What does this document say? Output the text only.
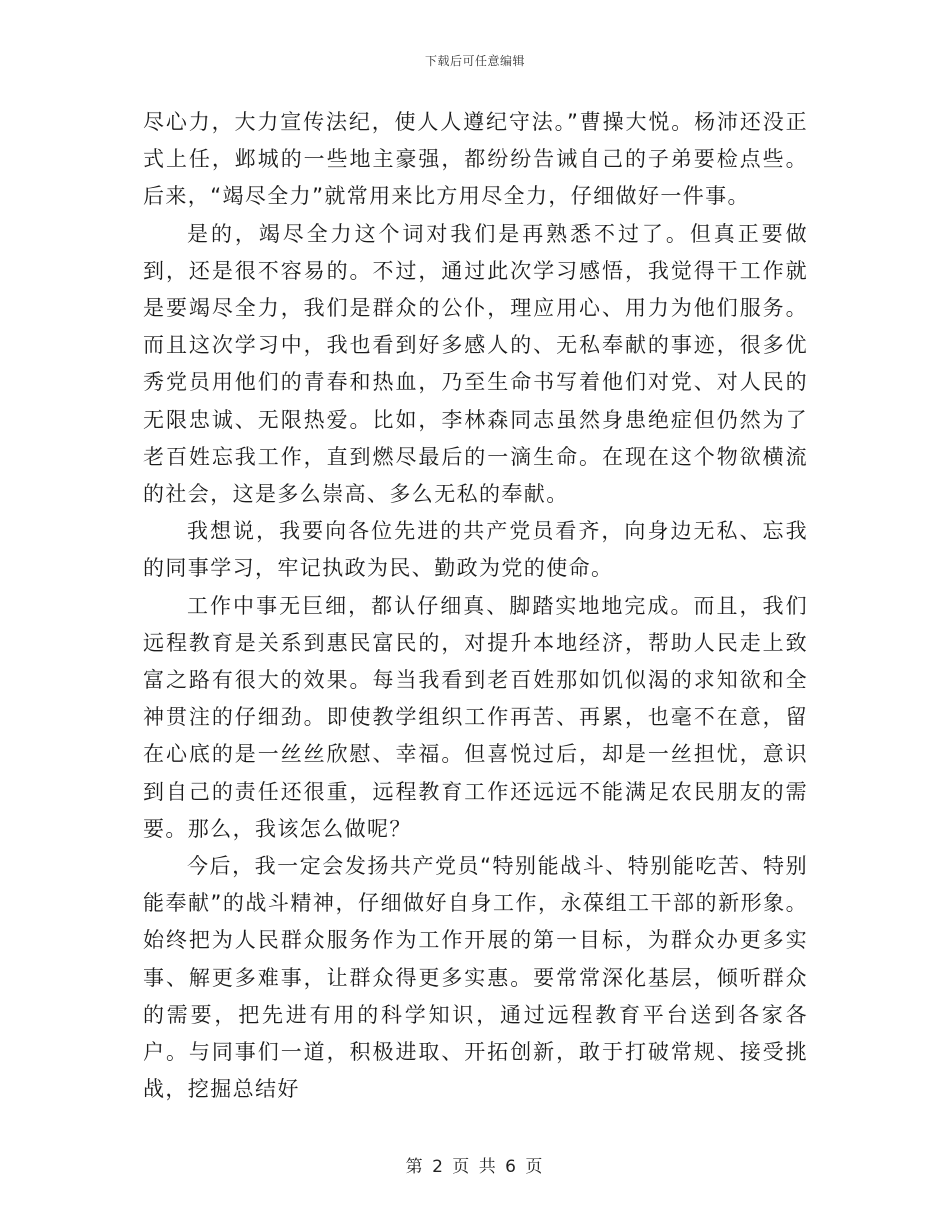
下载后可任意编辑

尽心力，大力宣传法纪，使人人遵纪守法。”曹操大悦。杨沛还没正式上任，邺城的一些地主豪强，都纷纷告诫自己的子弟要检点些。后来，“竭尽全力”就常用来比方用尽全力，仔细做好一件事。

是的，竭尽全力这个词对我们是再熟悉不过了。但真正要做到，还是很不容易的。不过，通过此次学习感悟，我觉得干工作就是要竭尽全力，我们是群众的公仆，理应用心、用力为他们服务。而且这次学习中，我也看到好多感人的、无私奉献的事迹，很多优秀党员用他们的青春和热血，乃至生命书写着他们对党、对人民的无限忠诚、无限热爱。比如，李林森同志虽然身患绝症但仍然为了老百姓忘我工作，直到燃尽最后的一滴生命。在现在这个物欲横流的社会，这是多么崇高、多么无私的奉献。

我想说，我要向各位先进的共产党员看齐，向身边无私、忘我的同事学习，牢记执政为民、勤政为党的使命。

工作中事无巨细，都认仔细真、脚踏实地地完成。而且，我们远程教育是关系到惠民富民的，对提升本地经济，帮助人民走上致富之路有很大的效果。每当我看到老百姓那如饥似渴的求知欲和全神贯注的仔细劲。即使教学组织工作再苦、再累，也毫不在意，留在心底的是一丝丝欣慰、幸福。但喜悦过后，却是一丝担忧，意识到自己的责任还很重，远程教育工作还远远不能满足农民朋友的需要。那么，我该怎么做呢？

今后，我一定会发扬共产党员“特别能战斗、特别能吃苦、特别能奉献”的战斗精神，仔细做好自身工作，永葆组工干部的新形象。始终把为人民群众服务作为工作开展的第一目标，为群众办更多实事、解更多难事，让群众得更多实惠。要常常深化基层，倾听群众的需要，把先进有用的科学知识，通过远程教育平台送到各家各户。与同事们一道，积极进取、开拓创新，敢于打破常规、接受挑战，挖掘总结好

第 2 页 共 6 页
